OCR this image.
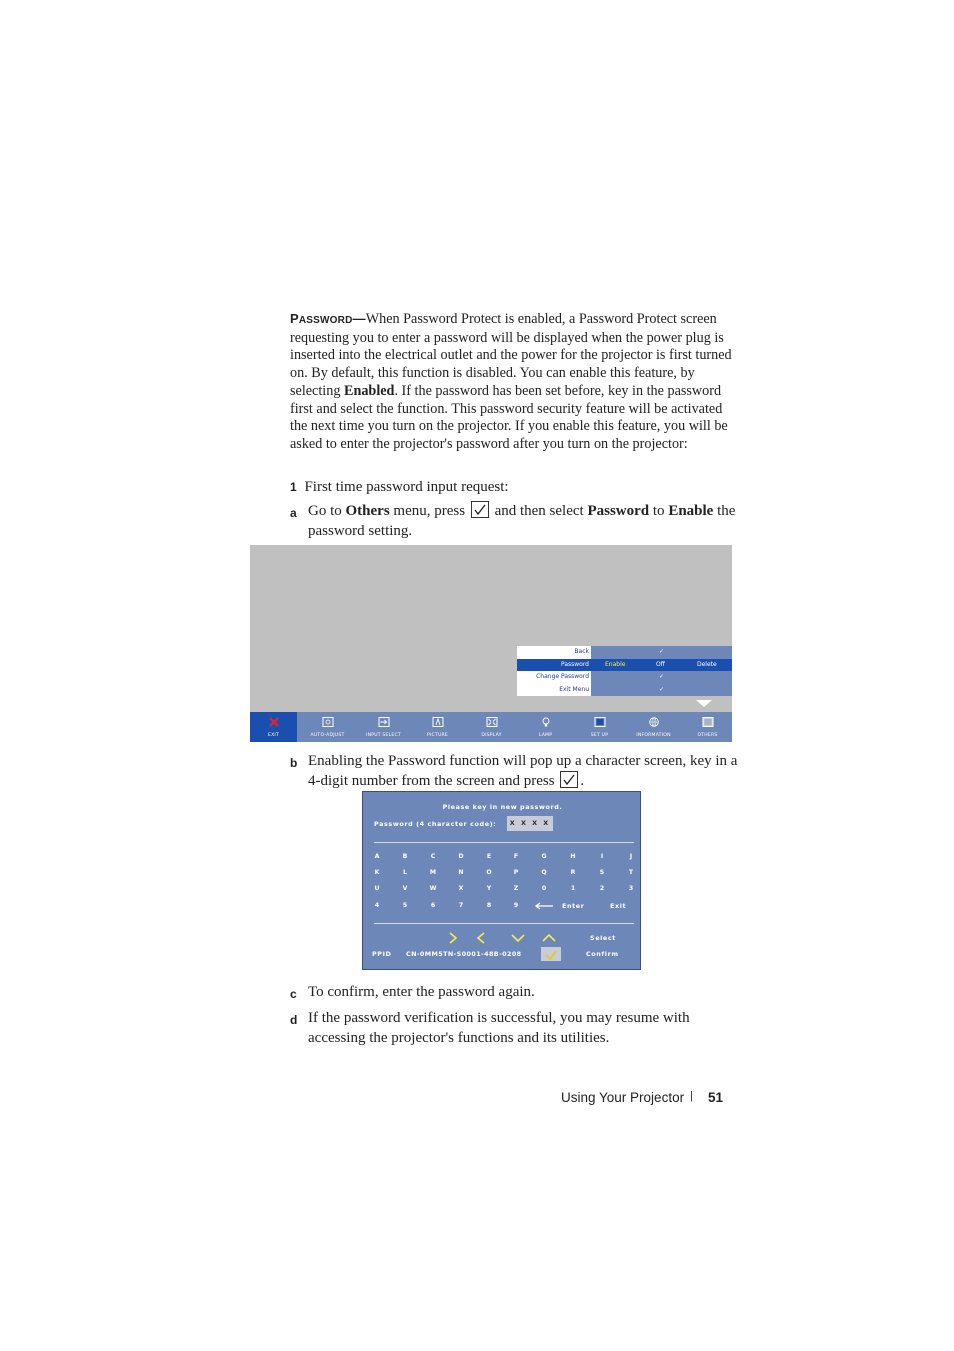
PASSWORD—When Password Protect is enabled, a Password Protect screen requesting you to enter a password will be displayed when the power plug is inserted into the electrical outlet and the power for the projector is first turned on. By default, this function is disabled. You can enable this feature, by selecting Enabled. If the password has been set before, key in the password first and select the function. This password security feature will be activated the next time you turn on the projector. If you enable this feature, you will be asked to enter the projector's password after you turn on the projector:
1 First time password input request:
a Go to Others menu, press
and then select Password to Enable the password setting.
Back	✓
Password	Enable	Off	Delete
Change Password	✓
Exit Menu	✓
EXIT	AUTO-ADJUST	INPUT SELECT	PICTURE	DISPLAY	LAMP	SET UP	INFORMATION	OTHERS
b Enabling the Password function will pop up a character screen, key in a 4-digit number from the screen and press
.
Please key in new password.
Password (4 character code):	X X X X
Enter	Exit
Select
PPID CN-0MM5TN-S0001-48B-0208	Confirm
A	B	C	D	E	F	G	H	I	J
K	L	M	N	O	P	Q	R	S	T
U	V	W	X	Y	Z	0	1	2	3
4	5	6	7	8	9
c To confirm, enter the password again.
d If the password verification is successful, you may resume with accessing the projector's functions and its utilities.
Using Your Projector | 51
